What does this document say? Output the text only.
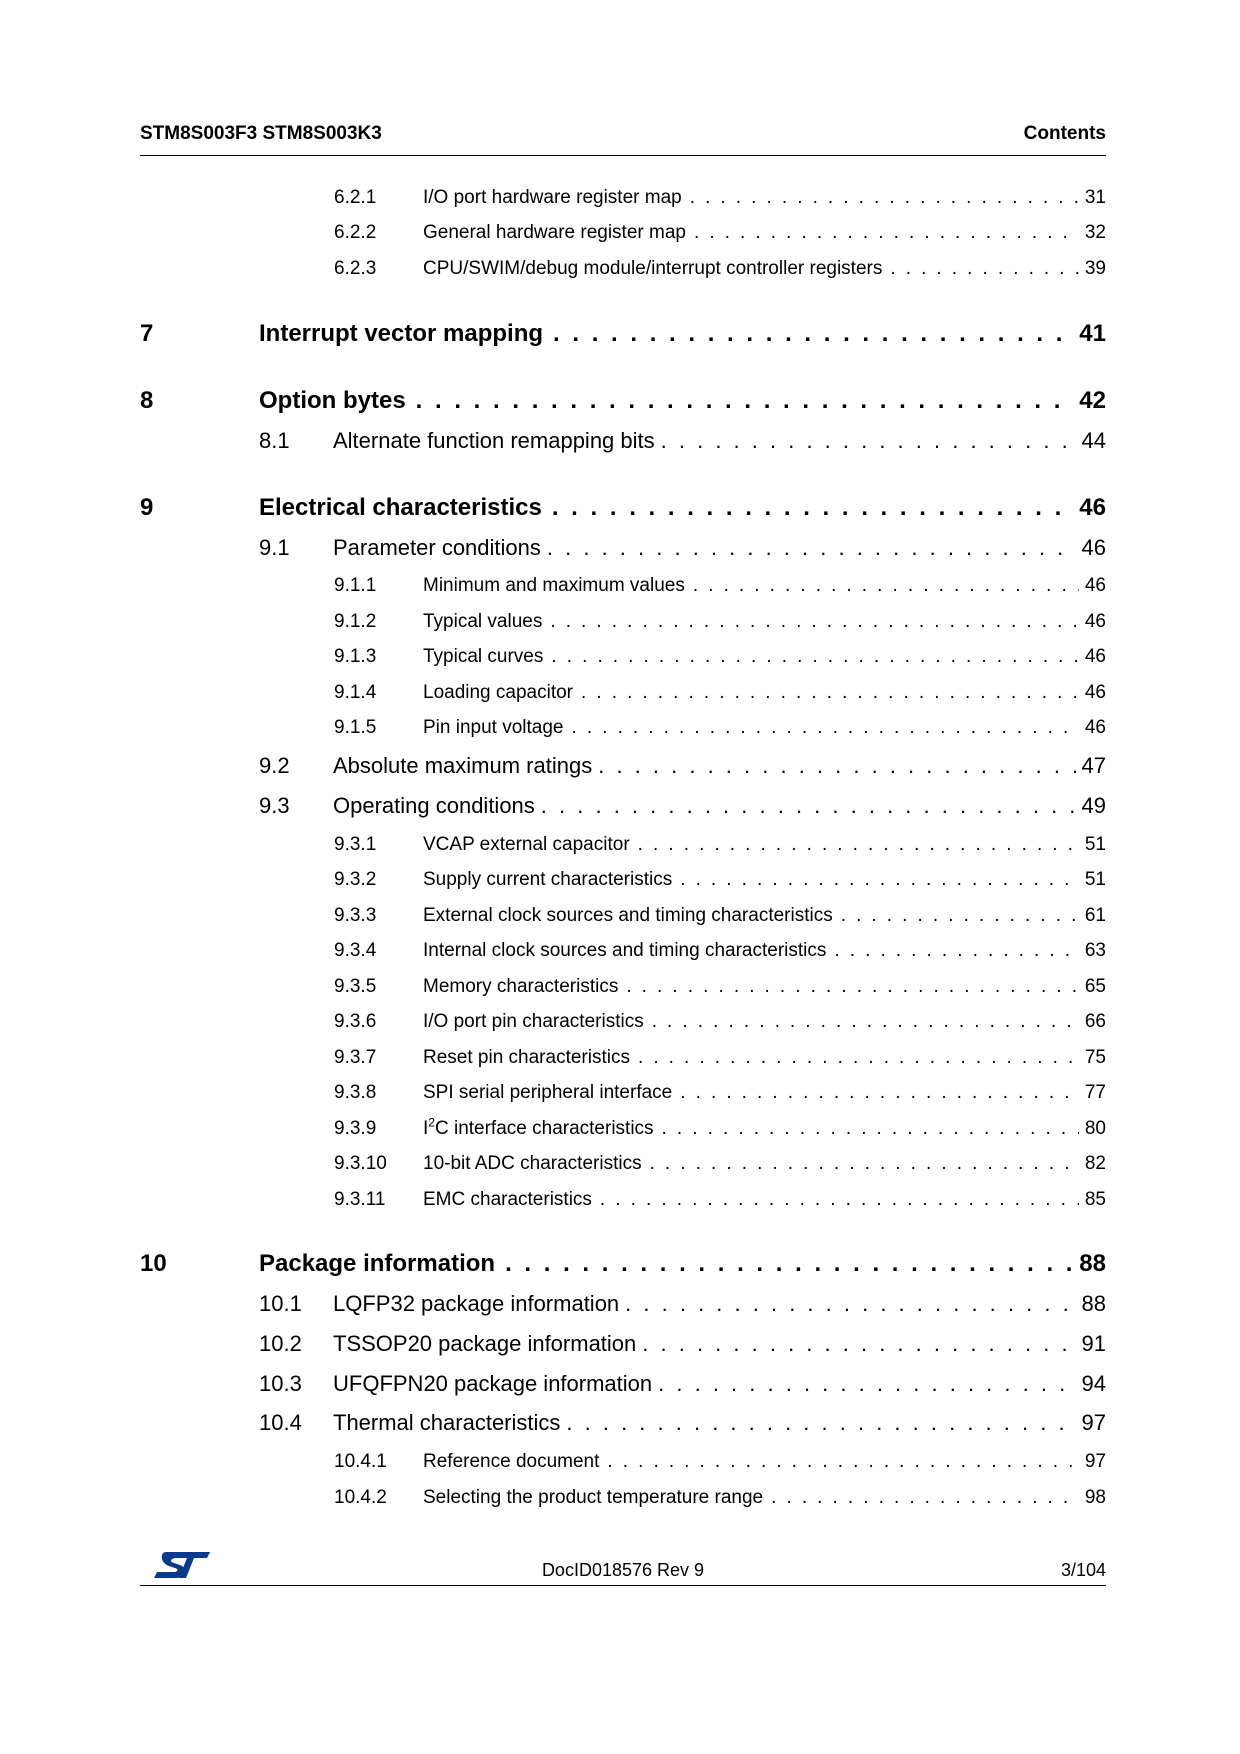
STM8S003F3 STM8S003K3	Contents
6.2.1	I/O port hardware register map . . .	31
6.2.2	General hardware register map . . .	32
6.2.3	CPU/SWIM/debug module/interrupt controller registers . . .	39
7	Interrupt vector mapping . . .	41
8	Option bytes . . .	42
8.1	Alternate function remapping bits . . .	44
9	Electrical characteristics . . .	46
9.1	Parameter conditions . . .	46
9.1.1	Minimum and maximum values . . .	46
9.1.2	Typical values . . .	46
9.1.3	Typical curves . . .	46
9.1.4	Loading capacitor . . .	46
9.1.5	Pin input voltage . . .	46
9.2	Absolute maximum ratings . . .	47
9.3	Operating conditions . . .	49
9.3.1	VCAP external capacitor . . .	51
9.3.2	Supply current characteristics . . .	51
9.3.3	External clock sources and timing characteristics . . .	61
9.3.4	Internal clock sources and timing characteristics . . .	63
9.3.5	Memory characteristics . . .	65
9.3.6	I/O port pin characteristics . . .	66
9.3.7	Reset pin characteristics . . .	75
9.3.8	SPI serial peripheral interface . . .	77
9.3.9	$I^2C$ interface characteristics . . .	80
9.3.10	10-bit ADC characteristics . . .	82
9.3.11	EMC characteristics . . .	85
10	Package information . . .	88
10.1	LQFP32 package information . . .	88
10.2	TSSOP20 package information . . .	91
10.3	UFQFPN20 package information . . .	94
10.4	Thermal characteristics . . .	97
10.4.1	Reference document . . .	97
10.4.2	Selecting the product temperature range . . .	98
DocID018576 Rev 9	3/104
